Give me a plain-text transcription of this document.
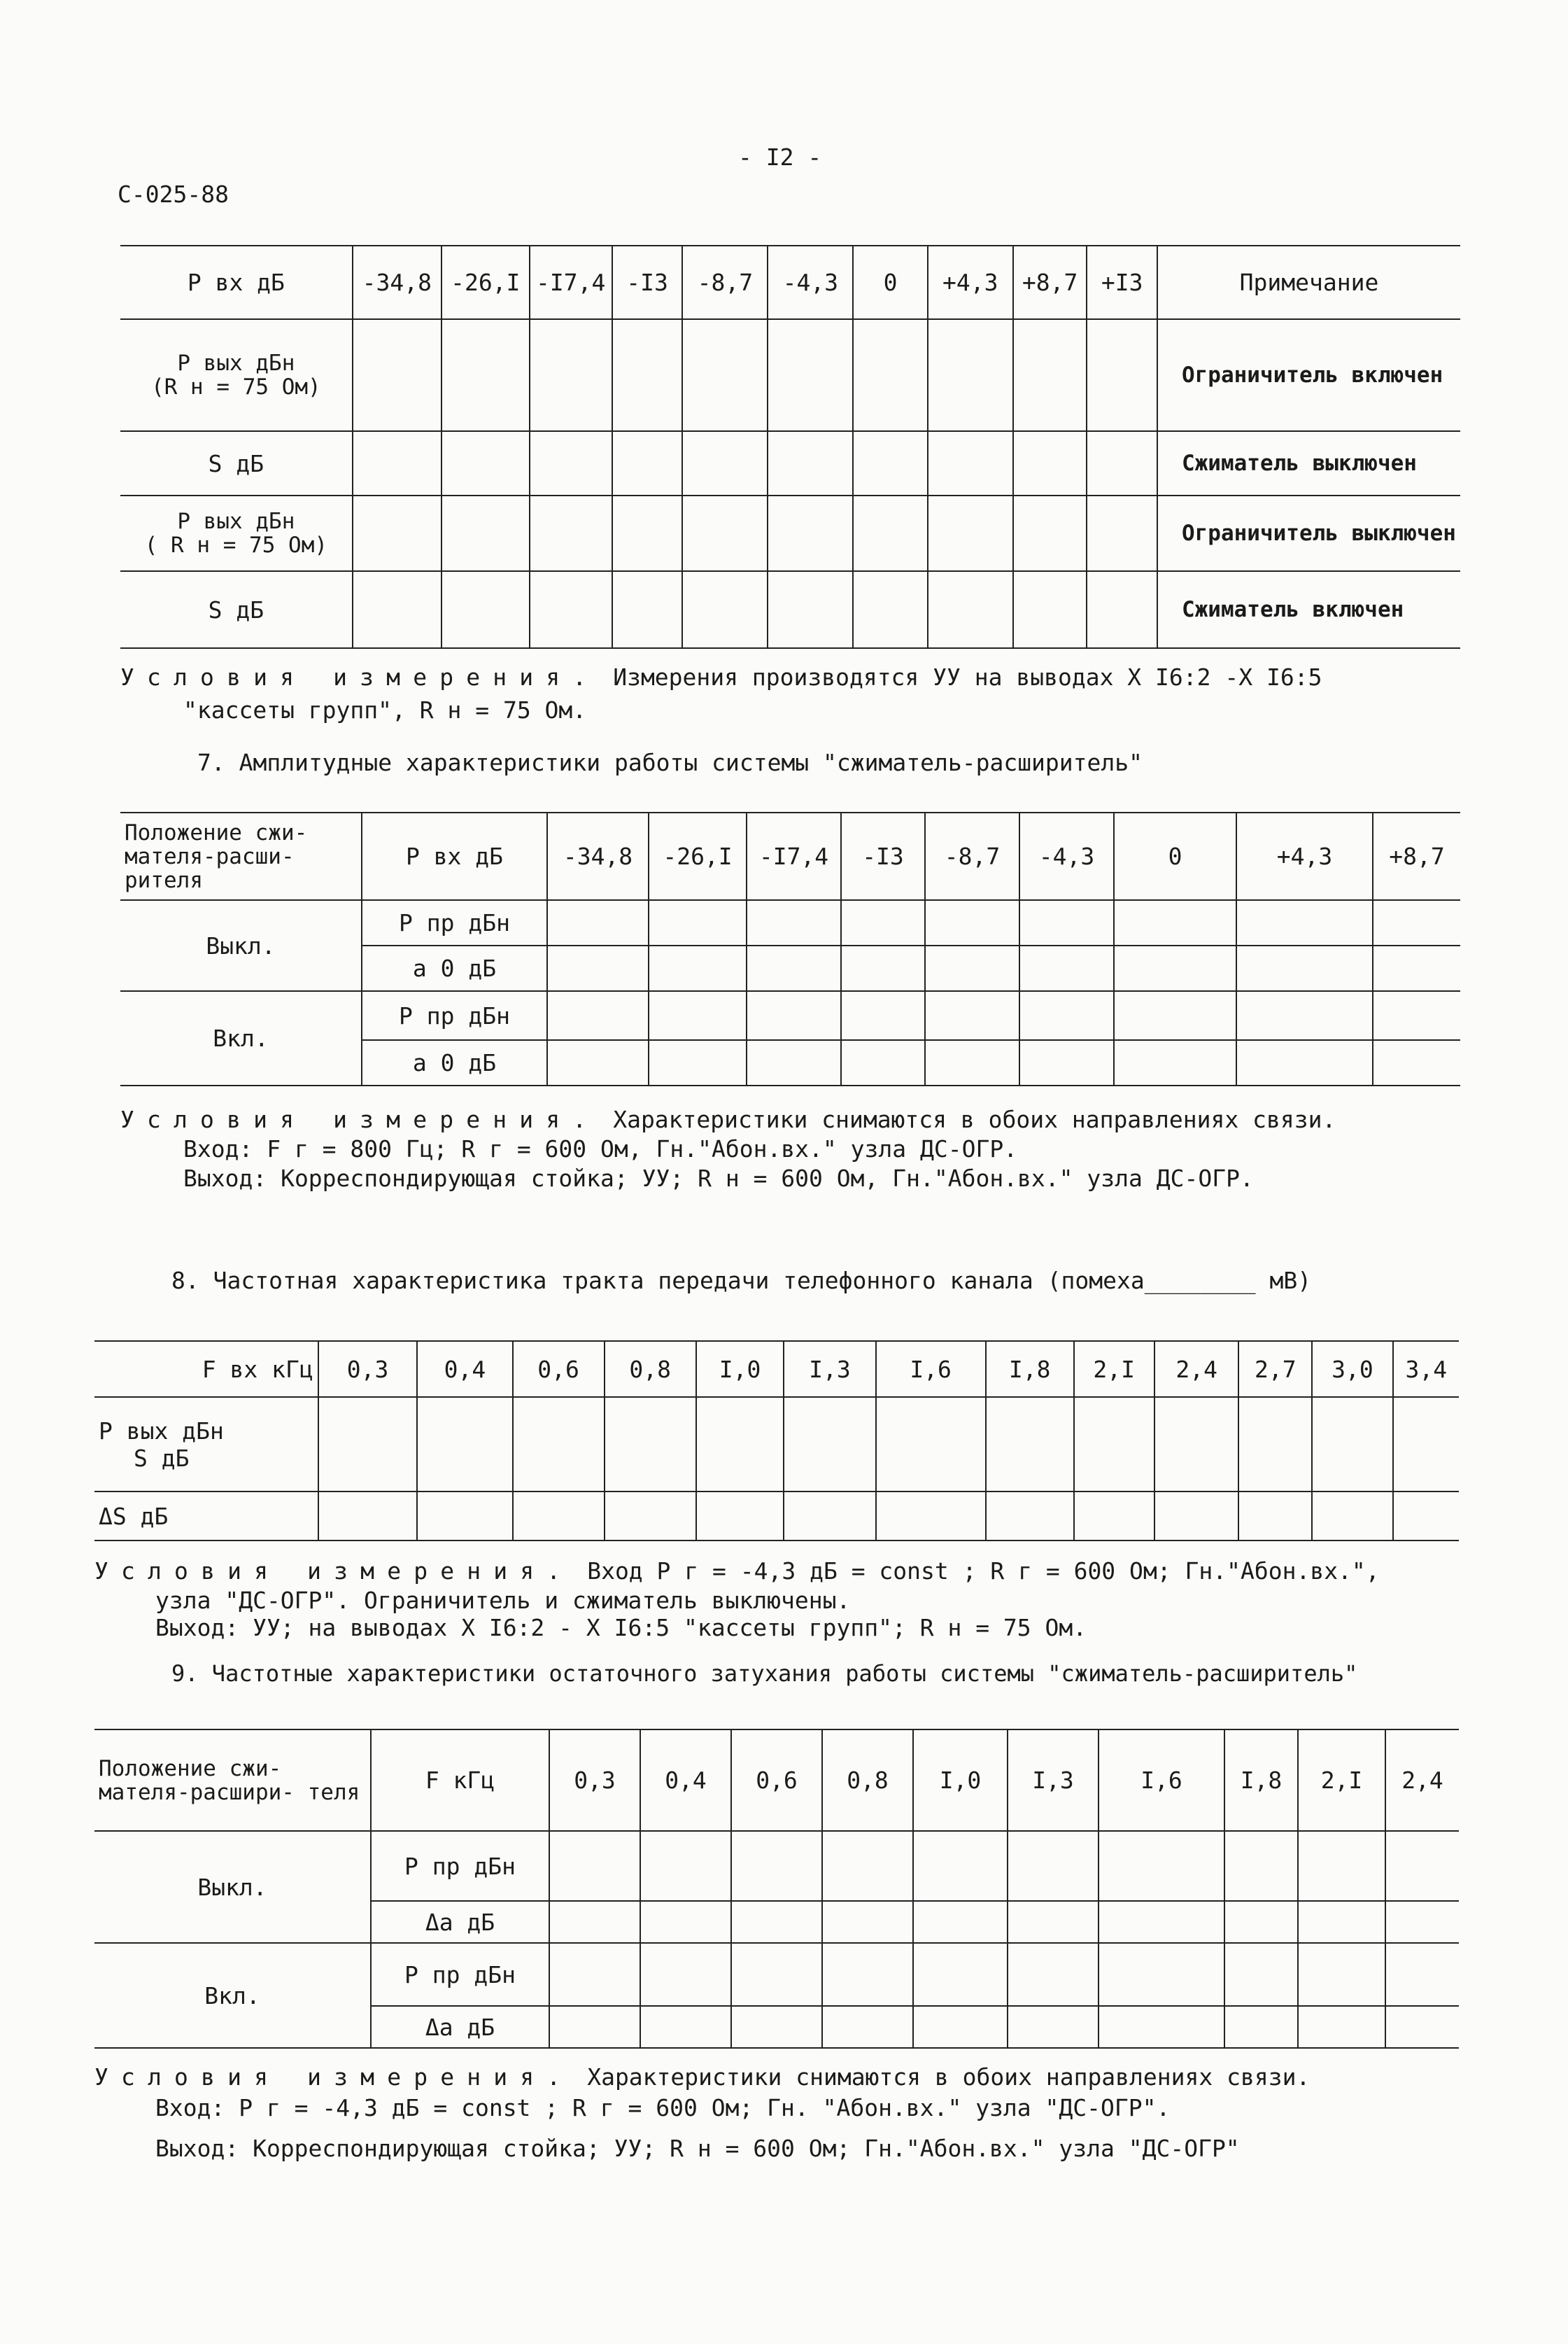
- I2 -
С-025-88
P вх дБ	-34,8	-26,I	-I7,4	-I3	-8,7	-4,3	0	+4,3	+8,7	+I3	Примечание

P вых дБн
(R н = 75 Ом)											Ограничитель включен
S дБ											Сжиматель выключен

P вых дБн
( R н = 75 Ом)											Ограничитель выключен
S дБ											Сжиматель включен
Условия измерения. Измерения производятся УУ на выводах X I6:2 -X I6:5
"кассеты групп", R н = 75 Ом.
7. Амплитудные характеристики работы системы "сжиматель-расширитель"
Положение сжи- мателя-расши- рителя	P вх дБ	-34,8	-26,I	-I7,4	-I3	-8,7	-4,3	0	+4,3	+8,7
Выкл.	P пр дБн									
	a 0 дБ									
Вкл.	P пр дБн									
	a 0 дБ									
Условия измерения. Характеристики снимаются в обоих направлениях связи.
Вход: F г = 800 Гц; R г = 600 Ом, Гн."Абон.вх." узла ДС-ОГР.
Выход: Корреспондирующая стойка; УУ; R н = 600 Ом, Гн."Абон.вх." узла ДС-ОГР.
8. Частотная характеристика тракта передачи телефонного канала (помеха________ мВ)
F вх кГц	0,3	0,4	0,6	0,8	I,0	I,3	I,6	I,8	2,I	2,4	2,7	3,0	3,4

P вых дБн
S дБ													

ΔS дБ													
Условия измерения. Вход P г = -4,3 дБ = const ; R г = 600 Ом; Гн."Абон.вх.",
узла "ДС-ОГР". Ограничитель и сжиматель выключены.
Выход: УУ; на выводах X I6:2 - X I6:5 "кассеты групп"; R н = 75 Ом.
9. Частотные характеристики остаточного затухания работы системы "сжиматель-расширитель"
Положение сжи- мателя-расшири- теля	F кГц	0,3	0,4	0,6	0,8	I,0	I,3	I,6	I,8	2,I	2,4
Выкл.	P пр дБн										
	Δa дБ										
Вкл.	P пр дБн										
	Δa дБ										
Условия измерения. Характеристики снимаются в обоих направлениях связи.
Вход: P г = -4,3 дБ = const ; R г = 600 Ом; Гн. "Абон.вх." узла "ДС-ОГР".
Выход: Корреспондирующая стойка; УУ; R н = 600 Ом; Гн."Абон.вх." узла "ДС-ОГР"
